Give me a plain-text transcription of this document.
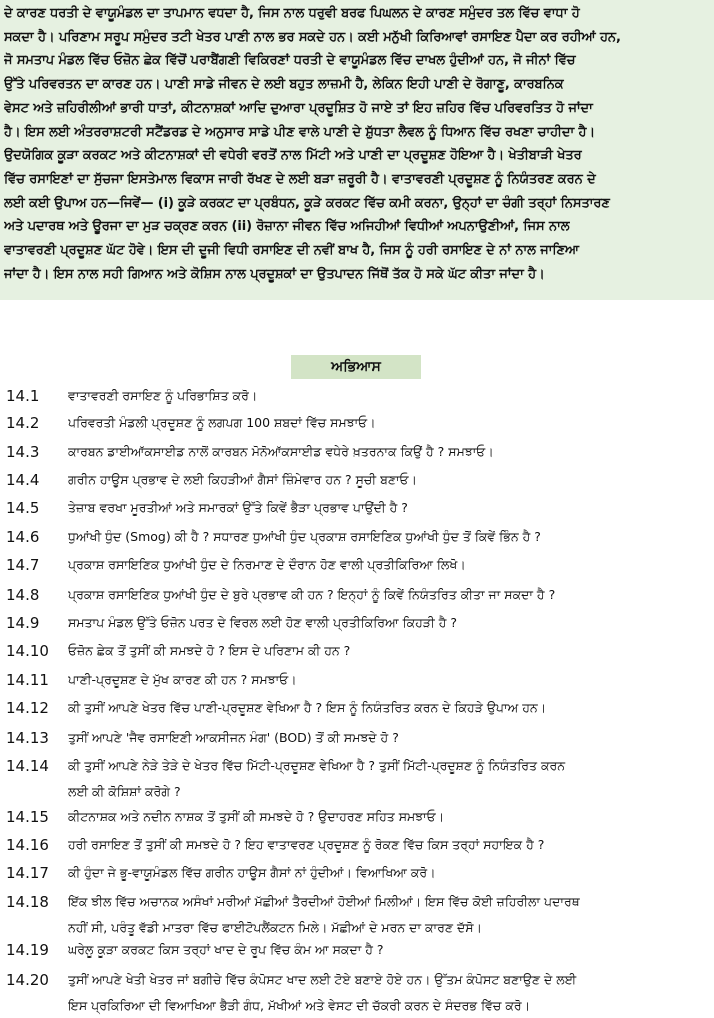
ਦੇ ਕਾਰਣ ਧਰਤੀ ਦੇ ਵਾਯੂਮੰਡਲ ਦਾ ਤਾਪਮਾਨ ਵਧਦਾ ਹੈ, ਜਿਸ ਨਾਲ ਧਰੁਵੀ ਬਰਫ ਪਿਘਲਨ ਦੇ ਕਾਰਣ ਸਮੁੰਦਰ ਤਲ ਵਿੱਚ ਵਾਧਾ ਹੋ
ਸਕਦਾ ਹੈ। ਪਰਿਣਾਮ ਸਰੂਪ ਸਮੁੰਦਰ ਤਟੀ ਖੇਤਰ ਪਾਣੀ ਨਾਲ ਭਰ ਸਕਦੇ ਹਨ। ਕਈ ਮਨੁੱਖੀ ਕਿਰਿਆਵਾਂ ਰਸਾਇਣ ਪੈਦਾ ਕਰ ਰਹੀਆਂ ਹਨ,
ਜੋ ਸਮਤਾਪ ਮੰਡਲ ਵਿੱਚ ਓਜ਼ੋਨ ਛੇਕ ਵਿੱਚੋਂ ਪਰਾਬੈਂਗਣੀ ਵਿਕਿਰਣਾਂ ਧਰਤੀ ਦੇ ਵਾਯੂਮੰਡਲ ਵਿੱਚ ਦਾਖਲ ਹੁੰਦੀਆਂ ਹਨ, ਜੋ ਜੀਨਾਂ ਵਿੱਚ
ਉੱਤੇ ਪਰਿਵਰਤਨ ਦਾ ਕਾਰਣ ਹਨ। ਪਾਣੀ ਸਾਡੇ ਜੀਵਨ ਦੇ ਲਈ ਬਹੁਤ ਲਾਜ਼ਮੀ ਹੈ, ਲੇਕਿਨ ਇਹੀ ਪਾਣੀ ਦੇ ਰੋਗਾਣੂ, ਕਾਰਬਨਿਕ
ਵੇਸਟ ਅਤੇ ਜ਼ਹਿਰੀਲੀਆਂ ਭਾਰੀ ਧਾਤਾਂ, ਕੀਟਨਾਸ਼ਕਾਂ ਆਦਿ ਦੁਆਰਾ ਪ੍ਰਦੂਸ਼ਿਤ ਹੋ ਜਾਏ ਤਾਂ ਇਹ ਜ਼ਹਿਰ ਵਿੱਚ ਪਰਿਵਰਤਿਤ ਹੋ ਜਾਂਦਾ
ਹੈ। ਇਸ ਲਈ ਅੰਤਰਰਾਸ਼ਟਰੀ ਸਟੈਂਡਰਡ ਦੇ ਅਨੁਸਾਰ ਸਾਡੇ ਪੀਣ ਵਾਲੇ ਪਾਣੀ ਦੇ ਸ਼ੁੱਧਤਾ ਲੈਵਲ ਨੂੰ ਧਿਆਨ ਵਿੱਚ ਰਖਣਾ ਚਾਹੀਦਾ ਹੈ।
ਉਦਯੋਗਿਕ ਕੂੜਾ ਕਰਕਟ ਅਤੇ ਕੀਟਨਾਸ਼ਕਾਂ ਦੀ ਵਧੇਰੀ ਵਰਤੋਂ ਨਾਲ ਮਿੱਟੀ ਅਤੇ ਪਾਣੀ ਦਾ ਪ੍ਰਦੂਸ਼ਣ ਹੋਇਆ ਹੈ। ਖੇਤੀਬਾੜੀ ਖੇਤਰ
ਵਿੱਚ ਰਸਾਇਣਾਂ ਦਾ ਸੁੱਚਜਾ ਇਸਤੇਮਾਲ ਵਿਕਾਸ ਜਾਰੀ ਰੱਖਣ ਦੇ ਲਈ ਬੜਾ ਜ਼ਰੂਰੀ ਹੈ। ਵਾਤਾਵਰਣੀ ਪ੍ਰਦੂਸ਼ਣ ਨੂੰ ਨਿਯੰਤਰਣ ਕਰਨ ਦੇ
ਲਈ ਕਈ ਉਪਾਅ ਹਨ—ਜਿਵੇਂ— (i) ਕੂੜੇ ਕਰਕਟ ਦਾ ਪ੍ਰਬੰਧਨ, ਕੂੜੇ ਕਰਕਟ ਵਿੱਚ ਕਮੀ ਕਰਨਾ, ਉਨ੍ਹਾਂ ਦਾ ਚੰਗੀ ਤਰ੍ਹਾਂ ਨਿਸਤਾਰਣ
ਅਤੇ ਪਦਾਰਥ ਅਤੇ ਊਰਜਾ ਦਾ ਮੁੜ ਚਕ੍ਰਣ ਕਰਨ (ii) ਰੋਜ਼ਾਨਾ ਜੀਵਨ ਵਿੱਚ ਅਜਿਹੀਆਂ ਵਿਧੀਆਂ ਅਪਨਾਉਣੀਆਂ, ਜਿਸ ਨਾਲ
ਵਾਤਾਵਰਣੀ ਪ੍ਰਦੂਸ਼ਣ ਘੱਟ ਹੋਵੇ। ਇਸ ਦੀ ਦੂਜੀ ਵਿਧੀ ਰਸਾਇਣ ਦੀ ਨਵੀਂ ਬਾਖ ਹੈ, ਜਿਸ ਨੂੰ ਹਰੀ ਰਸਾਇਣ ਦੇ ਨਾਂ ਨਾਲ ਜਾਣਿਆ
ਜਾਂਦਾ ਹੈ। ਇਸ ਨਾਲ ਸਹੀ ਗਿਆਨ ਅਤੇ ਕੋਸ਼ਿਸ ਨਾਲ ਪ੍ਰਦੂਸ਼ਕਾਂ ਦਾ ਉਤਪਾਦਨ ਜਿੱਥੋਂ ਤੱਕ ਹੋ ਸਕੇ ਘੱਟ ਕੀਤਾ ਜਾਂਦਾ ਹੈ।
ਅਭਿਆਸ
14.1	ਵਾਤਾਵਰਣੀ ਰਸਾਇਣ ਨੂੰ ਪਰਿਭਾਸ਼ਿਤ ਕਰੋ।
14.2	ਪਰਿਵਰਤੀ ਮੰਡਲੀ ਪ੍ਰਦੂਸ਼ਣ ਨੂੰ ਲਗਪਗ 100 ਸ਼ਬਦਾਂ ਵਿੱਚ ਸਮਝਾਓ।
14.3	ਕਾਰਬਨ ਡਾਈਆੱਕਸਾਈਡ ਨਾਲੋਂ ਕਾਰਬਨ ਮੋਨੋਆੱਕਸਾਈਡ ਵਧੇਰੇ ਖ਼ਤਰਨਾਕ ਕਿਉਂ ਹੈ ? ਸਮਝਾਓ।
14.4	ਗਰੀਨ ਹਾਊਸ ਪ੍ਰਭਾਵ ਦੇ ਲਈ ਕਿਹੜੀਆਂ ਗੈਸਾਂ ਜ਼ਿੰਮੇਵਾਰ ਹਨ ? ਸੂਚੀ ਬਣਾਓ।
14.5	ਤੇਜ਼ਾਬ ਵਰਖਾ ਮੂਰਤੀਆਂ ਅਤੇ ਸਮਾਰਕਾਂ ਉੱਤੇ ਕਿਵੇਂ ਭੈੜਾ ਪ੍ਰਭਾਵ ਪਾਉਂਦੀ ਹੈ ?
14.6	ਧੁਆਂਖੀ ਧੁੰਦ (Smog) ਕੀ ਹੈ ? ਸਧਾਰਣ ਧੁਆਂਖੀ ਧੁੰਦ ਪ੍ਰਕਾਸ਼ ਰਸਾਇਣਿਕ ਧੁਆਂਖੀ ਧੁੰਦ ਤੋਂ ਕਿਵੇਂ ਭਿੰਨ ਹੈ ?
14.7	ਪ੍ਰਕਾਸ਼ ਰਸਾਇਣਿਕ ਧੁਆਂਖੀ ਧੁੰਦ ਦੇ ਨਿਰਮਾਣ ਦੇ ਦੌਰਾਨ ਹੋਣ ਵਾਲੀ ਪ੍ਰਤੀਕਿਰਿਆ ਲਿਖੋ।
14.8	ਪ੍ਰਕਾਸ਼ ਰਸਾਇਣਿਕ ਧੁਆਂਖੀ ਧੁੰਦ ਦੇ ਬੁਰੇ ਪ੍ਰਭਾਵ ਕੀ ਹਨ ? ਇਨ੍ਹਾਂ ਨੂੰ ਕਿਵੇਂ ਨਿਯੰਤਰਿਤ ਕੀਤਾ ਜਾ ਸਕਦਾ ਹੈ ?
14.9	ਸਮਤਾਪ ਮੰਡਲ ਉੱਤੇ ਓਜ਼ੋਨ ਪਰਤ ਦੇ ਵਿਰਲ ਲਈ ਹੋਣ ਵਾਲੀ ਪ੍ਰਤੀਕਿਰਿਆ ਕਿਹੜੀ ਹੈ ?
14.10	ਓਜ਼ੋਨ ਛੇਕ ਤੋਂ ਤੁਸੀਂ ਕੀ ਸਮਝਦੇ ਹੋ ? ਇਸ ਦੇ ਪਰਿਣਾਮ ਕੀ ਹਨ ?
14.11	ਪਾਣੀ-ਪ੍ਰਦੂਸ਼ਣ ਦੇ ਮੁੱਖ ਕਾਰਣ ਕੀ ਹਨ ? ਸਮਝਾਓ।
14.12	ਕੀ ਤੁਸੀਂ ਆਪਣੇ ਖੇਤਰ ਵਿੱਚ ਪਾਣੀ-ਪ੍ਰਦੂਸ਼ਣ ਵੇਖਿਆ ਹੈ ? ਇਸ ਨੂੰ ਨਿਯੰਤਰਿਤ ਕਰਨ ਦੇ ਕਿਹੜੇ ਉਪਾਅ ਹਨ।
14.13	ਤੁਸੀਂ ਆਪਣੇ 'ਜੈਵ ਰਸਾਇਣੀ ਆਕਸੀਜਨ ਮੰਗ' (BOD) ਤੋਂ ਕੀ ਸਮਝਦੇ ਹੋ ?
14.14	ਕੀ ਤੁਸੀਂ ਆਪਣੇ ਨੇੜੇ ਤੇੜੇ ਦੇ ਖੇਤਰ ਵਿੱਚ ਮਿੱਟੀ-ਪ੍ਰਦੂਸ਼ਣ ਵੇਖਿਆ ਹੈ ? ਤੁਸੀਂ ਮਿੱਟੀ-ਪ੍ਰਦੂਸ਼ਣ ਨੂੰ ਨਿਯੰਤਰਿਤ ਕਰਨ
ਲਈ ਕੀ ਕੋਸ਼ਿਸ਼ਾਂ ਕਰੋਗੇ ?
14.15	ਕੀਟਨਾਸ਼ਕ ਅਤੇ ਨਦੀਨ ਨਾਸ਼ਕ ਤੋਂ ਤੁਸੀਂ ਕੀ ਸਮਝਦੇ ਹੋ ? ਉਦਾਹਰਣ ਸਹਿਤ ਸਮਝਾਓ।
14.16	ਹਰੀ ਰਸਾਇਣ ਤੋਂ ਤੁਸੀਂ ਕੀ ਸਮਝਦੇ ਹੋ ? ਇਹ ਵਾਤਾਵਰਣ ਪ੍ਰਦੂਸ਼ਣ ਨੂੰ ਰੋਕਣ ਵਿੱਚ ਕਿਸ ਤਰ੍ਹਾਂ ਸਹਾਇਕ ਹੈ ?
14.17	ਕੀ ਹੁੰਦਾ ਜੇ ਭੂ-ਵਾਯੂਮੰਡਲ ਵਿੱਚ ਗਰੀਨ ਹਾਊਸ ਗੈਸਾਂ ਨਾਂ ਹੁੰਦੀਆਂ। ਵਿਆਖਿਆ ਕਰੋ।
14.18	ਇੱਕ ਝੀਲ ਵਿੱਚ ਅਚਾਨਕ ਅਸੰਖਾਂ ਮਰੀਆਂ ਮੱਛੀਆਂ ਤੈਰਦੀਆਂ ਹੋਈਆਂ ਮਿਲੀਆਂ। ਇਸ ਵਿੱਚ ਕੋਈ ਜ਼ਹਿਰੀਲਾ ਪਦਾਰਥ
ਨਹੀਂ ਸੀ, ਪਰੰਤੂ ਵੱਡੀ ਮਾਤਰਾ ਵਿੱਚ ਫਾਈਟੋਪਲੈਂਕਟਨ ਮਿਲੇ। ਮੱਛੀਆਂ ਦੇ ਮਰਨ ਦਾ ਕਾਰਣ ਦੱਸੋ।
14.19	ਘਰੇਲੂ ਕੂੜਾ ਕਰਕਟ ਕਿਸ ਤਰ੍ਹਾਂ ਖਾਦ ਦੇ ਰੂਪ ਵਿੱਚ ਕੰਮ ਆ ਸਕਦਾ ਹੈ ?
14.20	ਤੁਸੀਂ ਆਪਣੇ ਖੇਤੀ ਖੇਤਰ ਜਾਂ ਬਗੀਚੇ ਵਿੱਚ ਕੰਪੋਸਟ ਖਾਦ ਲਈ ਟੋਏ ਬਣਾਏ ਹੋਏ ਹਨ। ਉੱਤਮ ਕੰਪੋਸਟ ਬਣਾਉਣ ਦੇ ਲਈ
ਇਸ ਪ੍ਰਕਿਰਿਆ ਦੀ ਵਿਆਖਿਆ ਭੈੜੀ ਗੰਧ, ਮੱਖੀਆਂ ਅਤੇ ਵੇਸਟ ਦੀ ਚੱਕਰੀ ਕਰਨ ਦੇ ਸੰਦਰਭ ਵਿੱਚ ਕਰੋ।
